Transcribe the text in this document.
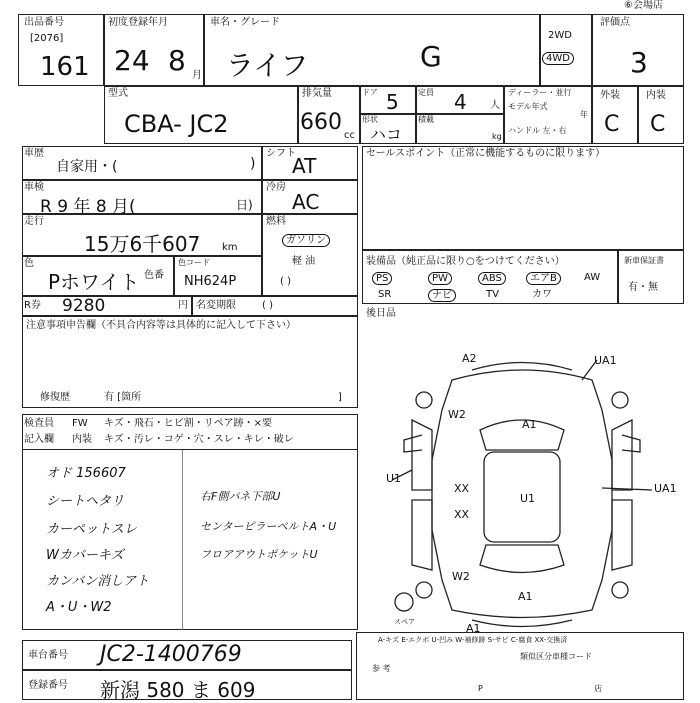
出品番号
[2076]
161
初度登録年月
24 8 月
車名・グレード
ライフ	G
2WD
4WD
評価点
⑥会場店
3
型式
CBA- JC2
排気量
660
cc
ドア 5 定員 4 人
形状
ハコ
積載
kg
ディーラー・並行
モデル年式
年
ハンドル 左・右
外装	内装
C C
車歴
自家用・(	)
車検
R 9 年 8 月(	日)
走行
15万6千607 km
色
Pホワイト 色番
色コード
NH624P
R券 9280	円 名変期限	( )
注意事項申告欄（不具合内容等は具体的に記入して下さい）
修復歴	有 [箇所	]
シフト
AT
冷房
AC
燃料
ガソリン
軽 油
( )
セールスポイント（正常に機能するものに限ります）
装備品（純正品に限り○をつけてください）
PS	PW	ABS	エアB	AW
SR	ナビ	TV	カワ
新車保証書
有・無
後日品
検査員
記入欄
FW キズ・飛石・ヒビ割・リペア跡・×要
内装 キズ・汚レ・コゲ・穴・スレ・キレ・破レ
オド 156607
シートヘタリ
カーペットスレ
Wカバーキズ
カンバン消しアト
A・U・W2
右F側パネ下部U
センターピラーベルトA・U
フロアアウトポケットU
A2	UA1
W2
A1
U1
XX
U1
XX
UA1
W2
A1
A1
スペア
車台番号 JC2-1400769
登録番号 新潟 580 ま 609
A-キズ E-エクボ U-凹み W-補修跡 S-サビ C-腐食 XX-交換済
参 考
類似区分車種コード
P	店
